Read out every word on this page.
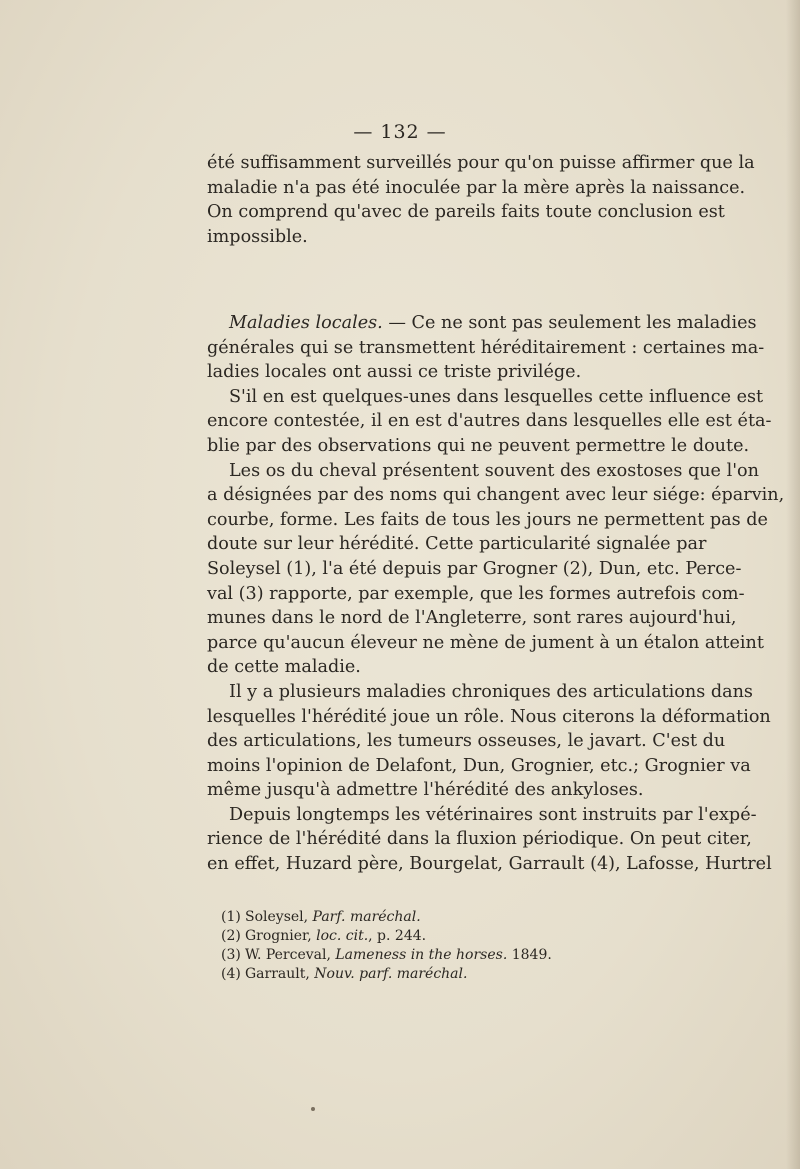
— 132 —
été suffisamment surveillés pour qu'on puisse affirmer que la
maladie n'a pas été inoculée par la mère après la naissance.
On comprend qu'avec de pareils faits toute conclusion est
impossible.
Maladies locales. — Ce ne sont pas seulement les maladies
générales qui se transmettent héréditairement : certaines ma-
ladies locales ont aussi ce triste privilége.
S'il en est quelques-unes dans lesquelles cette influence est
encore contestée, il en est d'autres dans lesquelles elle est éta-
blie par des observations qui ne peuvent permettre le doute.
Les os du cheval présentent souvent des exostoses que l'on
a désignées par des noms qui changent avec leur siége: éparvin,
courbe, forme. Les faits de tous les jours ne permettent pas de
doute sur leur hérédité. Cette particularité signalée par
Soleysel (1), l'a été depuis par Grogner (2), Dun, etc. Perce-
val (3) rapporte, par exemple, que les formes autrefois com-
munes dans le nord de l'Angleterre, sont rares aujourd'hui,
parce qu'aucun éleveur ne mène de jument à un étalon atteint
de cette maladie.
Il y a plusieurs maladies chroniques des articulations dans
lesquelles l'hérédité joue un rôle. Nous citerons la déformation
des articulations, les tumeurs osseuses, le javart. C'est du
moins l'opinion de Delafont, Dun, Grognier, etc.; Grognier va
même jusqu'à admettre l'hérédité des ankyloses.
Depuis longtemps les vétérinaires sont instruits par l'expé-
rience de l'hérédité dans la fluxion périodique. On peut citer,
en effet, Huzard père, Bourgelat, Garrault (4), Lafosse, Hurtrel
(1) Soleysel, Parf. maréchal.
(2) Grognier, loc. cit., p. 244.
(3) W. Perceval, Lameness in the horses. 1849.
(4) Garrault, Nouv. parf. maréchal.
